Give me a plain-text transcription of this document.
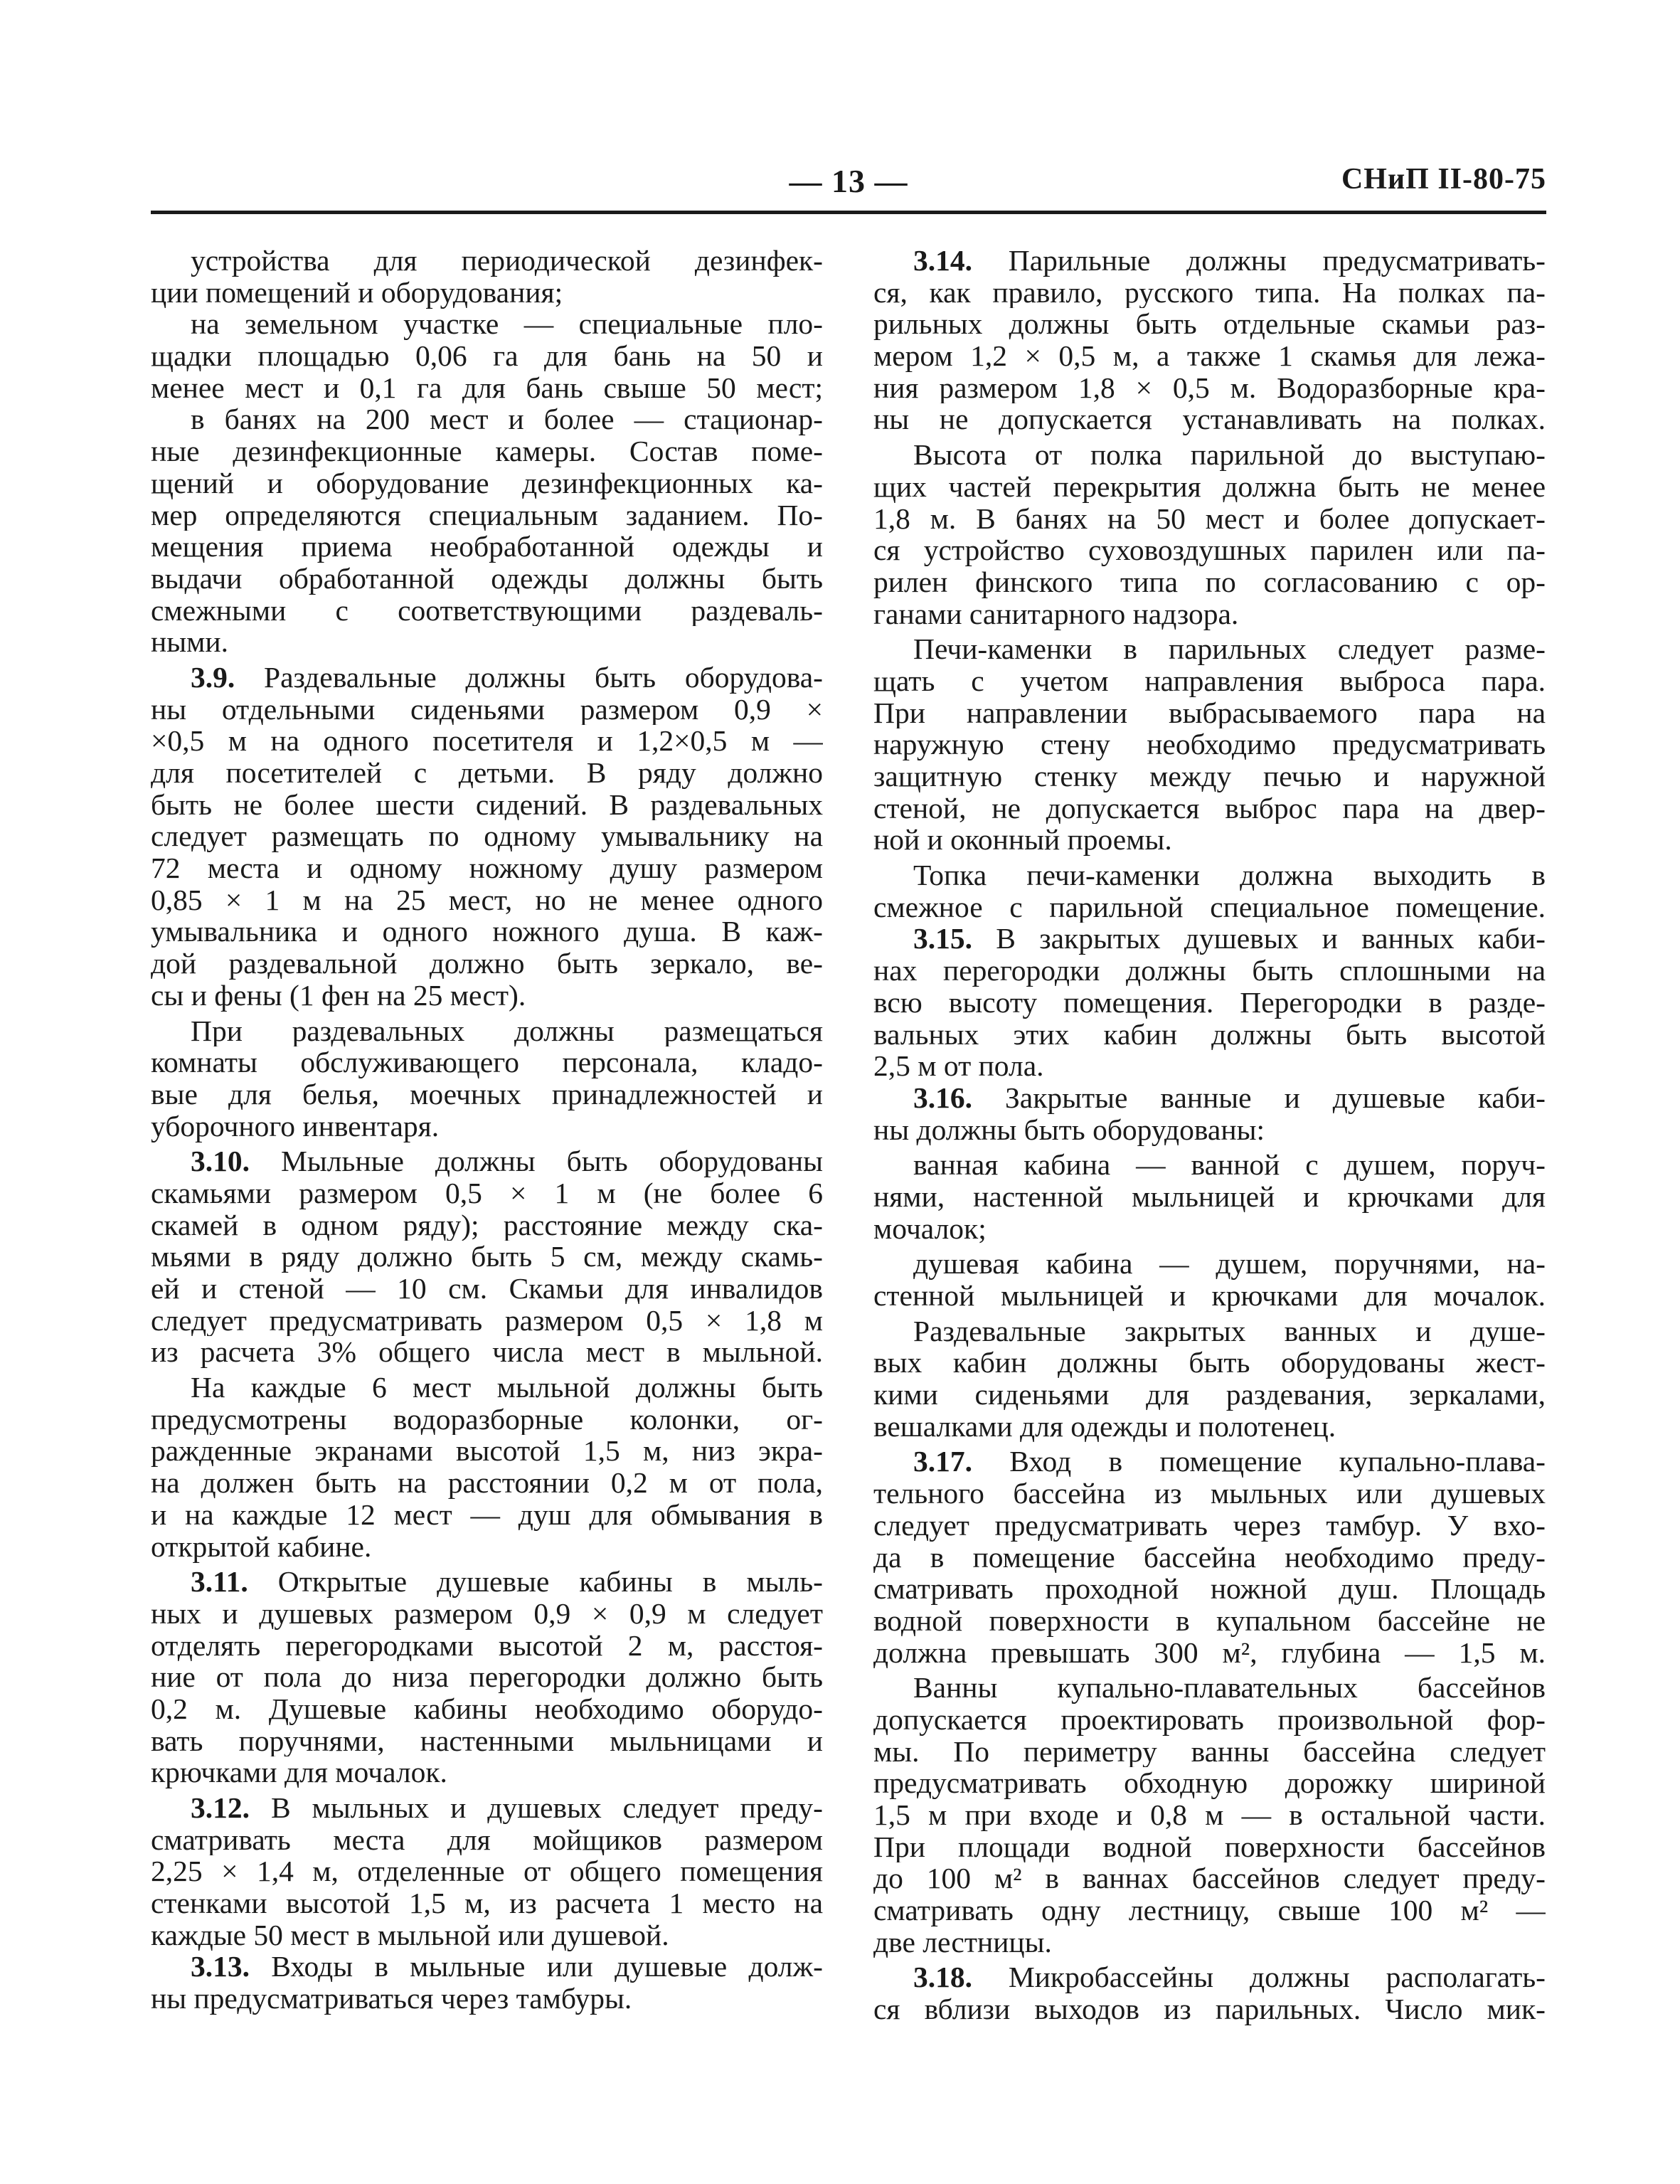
— 13 —	СНиП II-80-75
устройства для периодической дезинфек-
ции помещений и оборудования;
на земельном участке — специальные пло-
щадки площадью 0,06 га для бань на 50 и
менее мест и 0,1 га для бань свыше 50 мест;
в банях на 200 мест и более — стационар-
ные дезинфекционные камеры. Состав поме-
щений и оборудование дезинфекционных ка-
мер определяются специальным заданием. По-
мещения приема необработанной одежды и
выдачи обработанной одежды должны быть
смежными с соответствующими раздеваль-
ными.
3.9. Раздевальные должны быть оборудова-
ны отдельными сиденьями размером 0,9 ×
×0,5 м на одного посетителя и 1,2×0,5 м —
для посетителей с детьми. В ряду должно
быть не более шести сидений. В раздевальных
следует размещать по одному умывальнику на
72 места и одному ножному душу размером
0,85 × 1 м на 25 мест, но не менее одного
умывальника и одного ножного душа. В каж-
дой раздевальной должно быть зеркало, ве-
сы и фены (1 фен на 25 мест).
При раздевальных должны размещаться
комнаты обслуживающего персонала, кладо-
вые для белья, моечных принадлежностей и
уборочного инвентаря.
3.10. Мыльные должны быть оборудованы
скамьями размером 0,5 × 1 м (не более 6
скамей в одном ряду); расстояние между ска-
мьями в ряду должно быть 5 см, между скамь-
ей и стеной — 10 см. Скамьи для инвалидов
следует предусматривать размером 0,5 × 1,8 м
из расчета 3% общего числа мест в мыльной.
На каждые 6 мест мыльной должны быть
предусмотрены водоразборные колонки, ог-
ражденные экранами высотой 1,5 м, низ экра-
на должен быть на расстоянии 0,2 м от пола,
и на каждые 12 мест — душ для обмывания в
открытой кабине.
3.11. Открытые душевые кабины в мыль-
ных и душевых размером 0,9 × 0,9 м следует
отделять перегородками высотой 2 м, расстоя-
ние от пола до низа перегородки должно быть
0,2 м. Душевые кабины необходимо оборудо-
вать поручнями, настенными мыльницами и
крючками для мочалок.
3.12. В мыльных и душевых следует преду-
сматривать места для мойщиков размером
2,25 × 1,4 м, отделенные от общего помещения
стенками высотой 1,5 м, из расчета 1 место на
каждые 50 мест в мыльной или душевой.
3.13. Входы в мыльные или душевые долж-
ны предусматриваться через тамбуры.
3.14. Парильные должны предусматривать-
ся, как правило, русского типа. На полках па-
рильных должны быть отдельные скамьи раз-
мером 1,2 × 0,5 м, а также 1 скамья для лежа-
ния размером 1,8 × 0,5 м. Водоразборные кра-
ны не допускается устанавливать на полках.
Высота от полка парильной до выступаю-
щих частей перекрытия должна быть не менее
1,8 м. В банях на 50 мест и более допускает-
ся устройство суховоздушных парилен или па-
рилен финского типа по согласованию с ор-
ганами санитарного надзора.
Печи-каменки в парильных следует разме-
щать с учетом направления выброса пара.
При направлении выбрасываемого пара на
наружную стену необходимо предусматривать
защитную стенку между печью и наружной
стеной, не допускается выброс пара на двер-
ной и оконный проемы.
Топка печи-каменки должна выходить в
смежное с парильной специальное помещение.
3.15. В закрытых душевых и ванных каби-
нах перегородки должны быть сплошными на
всю высоту помещения. Перегородки в разде-
вальных этих кабин должны быть высотой
2,5 м от пола.
3.16. Закрытые ванные и душевые каби-
ны должны быть оборудованы:
ванная кабина — ванной с душем, поруч-
нями, настенной мыльницей и крючками для
мочалок;
душевая кабина — душем, поручнями, на-
стенной мыльницей и крючками для мочалок.
Раздевальные закрытых ванных и душе-
вых кабин должны быть оборудованы жест-
кими сиденьями для раздевания, зеркалами,
вешалками для одежды и полотенец.
3.17. Вход в помещение купально-плава-
тельного бассейна из мыльных или душевых
следует предусматривать через тамбур. У вхо-
да в помещение бассейна необходимо преду-
сматривать проходной ножной душ. Площадь
водной поверхности в купальном бассейне не
должна превышать 300 м², глубина — 1,5 м.
Ванны купально-плавательных бассейнов
допускается проектировать произвольной фор-
мы. По периметру ванны бассейна следует
предусматривать обходную дорожку шириной
1,5 м при входе и 0,8 м — в остальной части.
При площади водной поверхности бассейнов
до 100 м² в ваннах бассейнов следует преду-
сматривать одну лестницу, свыше 100 м² —
две лестницы.
3.18. Микробассейны должны располагать-
ся вблизи выходов из парильных. Число мик-
